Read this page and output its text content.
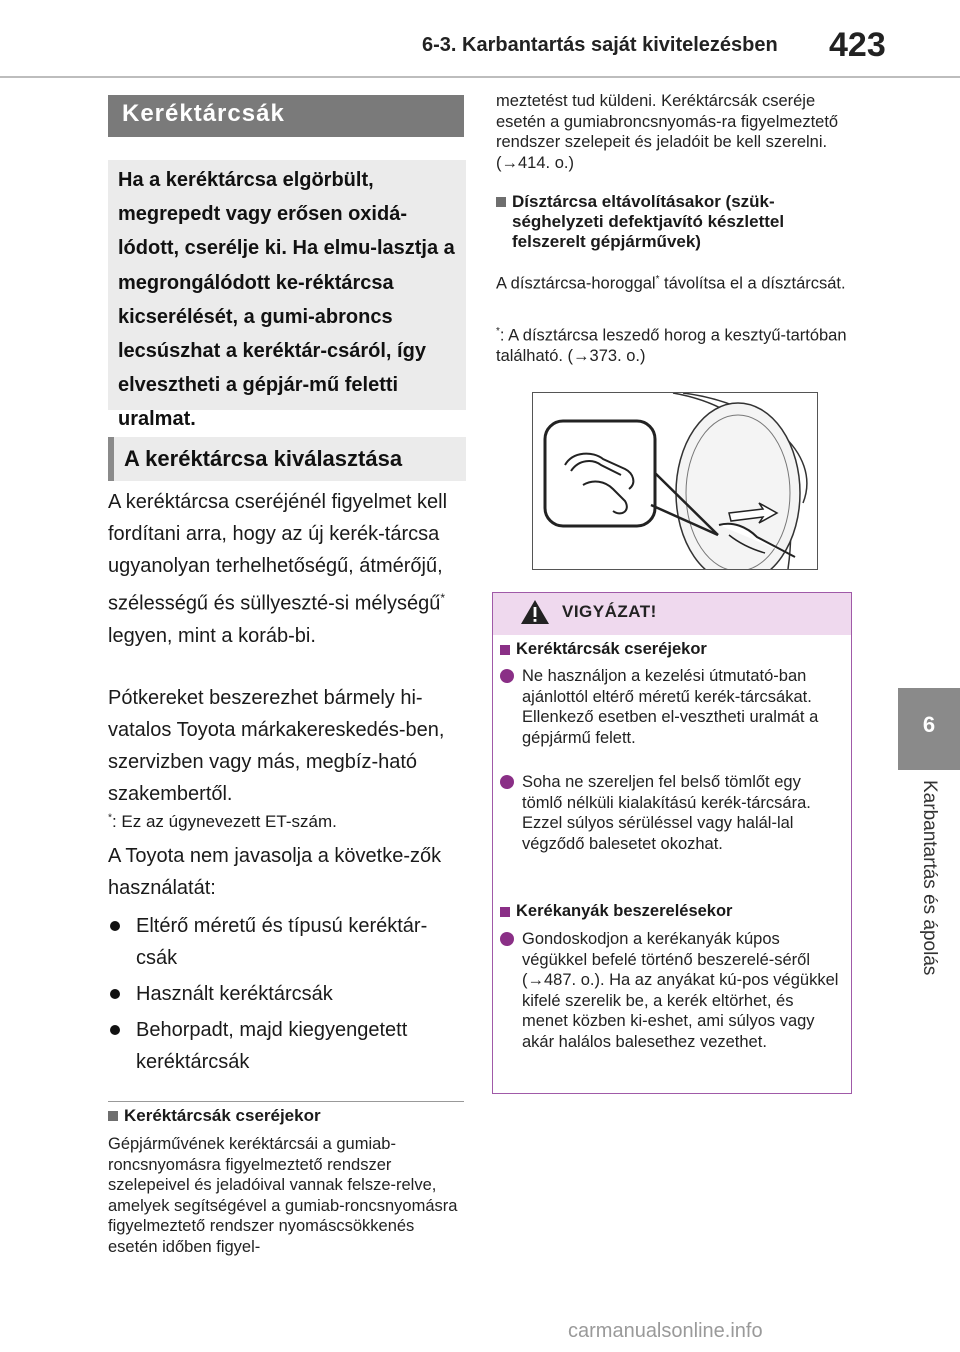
6-3. Karbantartás saját kivitelezésben 423
6
Karbantartás és ápolás
Keréktárcsák
Ha a keréktárcsa elgörbült, megrepedt vagy erősen oxidá-lódott, cserélje ki. Ha elmu-lasztja a megrongálódott ke-réktárcsa kicserélését, a gumi-abroncs lecsúszhat a keréktár-csáról, így elvesztheti a gépjár-mű feletti uralmat.
A keréktárcsa kiválasztása
A keréktárcsa cseréjénél figyelmet kell fordítani arra, hogy az új kerék-tárcsa ugyanolyan terhelhetőségű, átmérőjű, szélességű és süllyeszté-si mélységű* legyen, mint a koráb-bi.
Pótkereket beszerezhet bármely hi-vatalos Toyota márkakereskedés-ben, szervizben vagy más, megbíz-ható szakembertől.
*: Ez az úgynevezett ET-szám.
A Toyota nem javasolja a követke-zők használatát:
Eltérő méretű és típusú keréktár-csák
Használt keréktárcsák
Behorpadt, majd kiegyengetett keréktárcsák
Keréktárcsák cseréjekor
Gépjárművének keréktárcsái a gumiab-roncsnyomásra figyelmeztető rendszer szelepeivel és jeladóival vannak felsze-relve, amelyek segítségével a gumiab-roncsnyomásra figyelmeztető rendszer nyomáscsökkenés esetén időben figyel-
meztetést tud küldeni. Keréktárcsák cseréje esetén a gumiabroncsnyomás-ra figyelmeztető rendszer szelepeit és jeladóit be kell szerelni. (→414. o.)
Dísztárcsa eltávolításakor (szük-séghelyzeti defektjavító készlettel felszerelt gépjárművek)
A dísztárcsa-horoggal* távolítsa el a dísztárcsát.
*: A dísztárcsa leszedő horog a kesztyű-tartóban található. (→373. o.)
VIGYÁZAT!
Keréktárcsák cseréjekor
Ne használjon a kezelési útmutató-ban ajánlottól eltérő méretű kerék-tárcsákat. Ellenkező esetben el-vesztheti uralmát a gépjármű felett.
Soha ne szereljen fel belső tömlőt egy tömlő nélküli kialakítású kerék-tárcsára. Ezzel súlyos sérüléssel vagy halál-lal végződő balesetet okozhat.
Kerékanyák beszerelésekor
Gondoskodjon a kerékanyák kúpos végükkel befelé történő beszerelé-séről (→487. o.). Ha az anyákat kú-pos végükkel kifelé szerelik be, a kerék eltörhet, és menet közben ki-eshet, ami súlyos vagy akár halálos balesethez vezethet.
carmanualsonline.info
